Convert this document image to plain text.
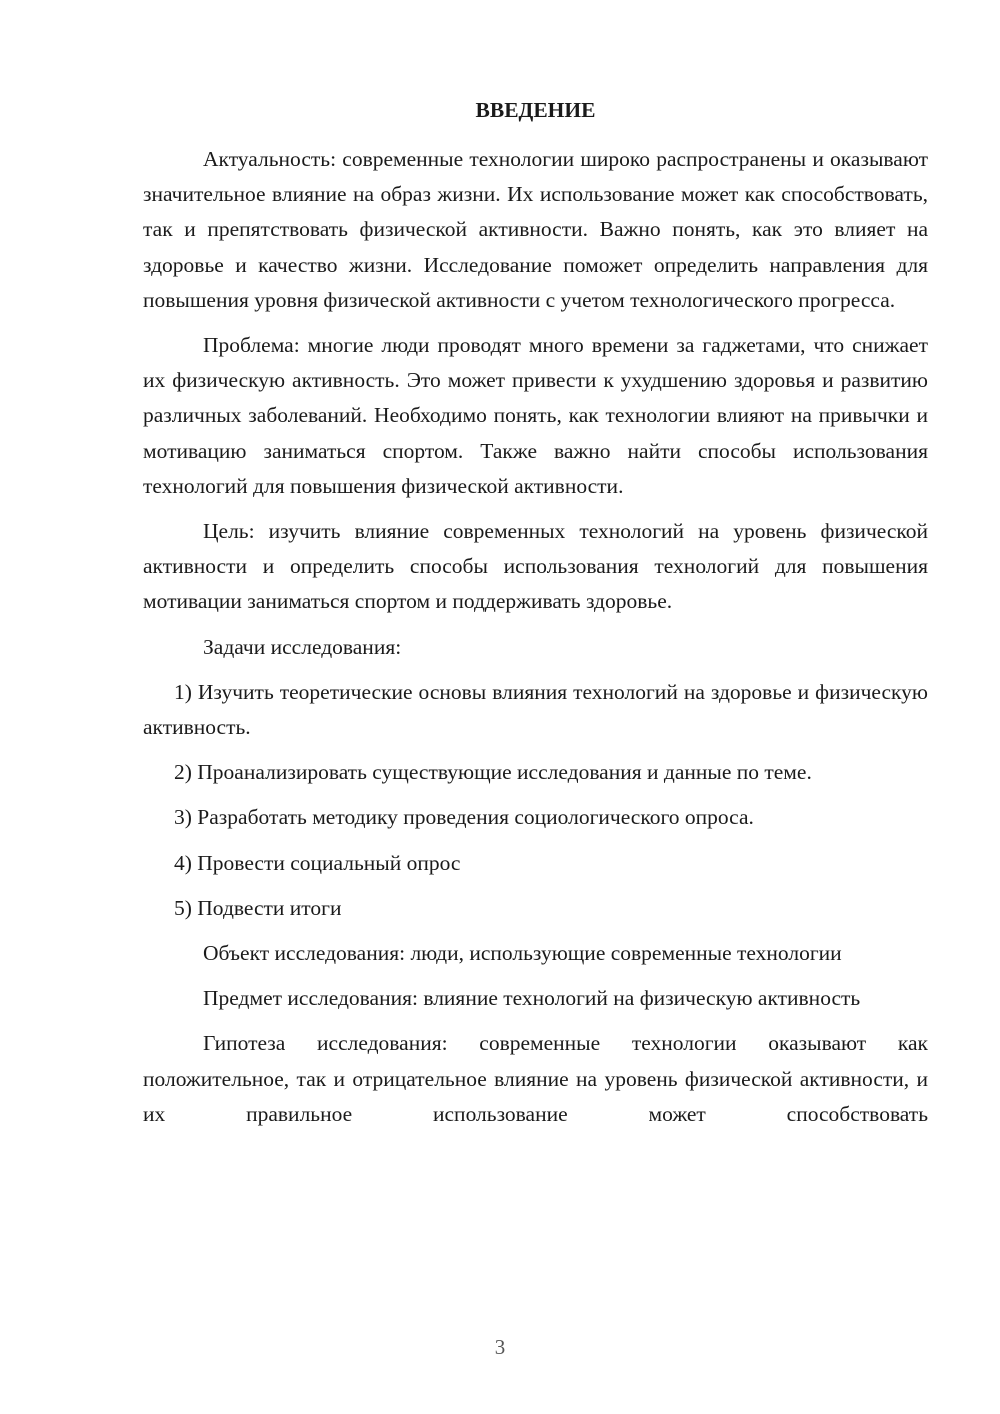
ВВЕДЕНИЕ

Актуальность: современные технологии широко распространены и оказывают значительное влияние на образ жизни. Их использование может как способствовать, так и препятствовать физической активности. Важно понять, как это влияет на здоровье и качество жизни. Исследование поможет определить направления для повышения уровня физической активности с учетом технологического прогресса.

Проблема: многие люди проводят много времени за гаджетами, что снижает их физическую активность. Это может привести к ухудшению здоровья и развитию различных заболеваний. Необходимо понять, как технологии влияют на привычки и мотивацию заниматься спортом. Также важно найти способы использования технологий для повышения физической активности.

Цель: изучить влияние современных технологий на уровень физической активности и определить способы использования технологий для повышения мотивации заниматься спортом и поддерживать здоровье.

Задачи исследования:

1) Изучить теоретические основы влияния технологий на здоровье и физическую активность.

2) Проанализировать существующие исследования и данные по теме.

3) Разработать методику проведения социологического опроса.

4) Провести социальный опрос

5) Подвести итоги

Объект исследования: люди, использующие современные технологии

Предмет исследования: влияние технологий на физическую активность

Гипотеза исследования: современные технологии оказывают как положительное, так и отрицательное влияние на уровень физической активности, и их правильное использование может способствовать

3
